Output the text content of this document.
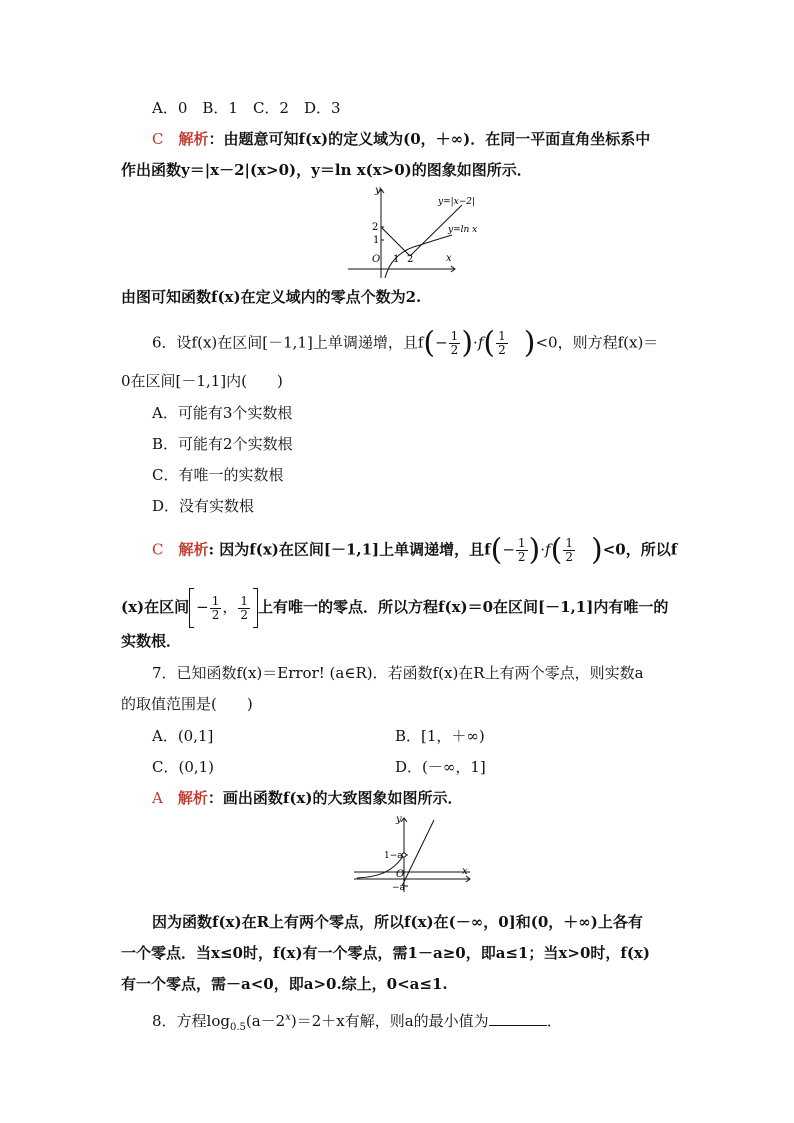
A．0　B．1　C．2　D．3
C　 解析：由题意可知f(x)的定义域为(0，＋∞)．在同一平面直角坐标系中
作出函数y＝|x－2|(x>0)，y＝ln x(x>0)的图象如图所示．
y
x
O
2
1
1 2
y=|x−2|
y=ln x
由图可知函数f(x)在定义域内的零点个数为2.
6．设f(x)在区间[－1,1]上单调递增，且$f(- \frac{1}{2} )\cdot f( \frac{1}{2}$
　 )<0，则方程f(x)＝
0在区间[－1,1]内(　　)
A．可能有3个实数根
B．可能有2个实数根
C．有唯一的实数根
D．没有实数根
C　 解析: 因为f(x)在区间[－1,1]上单调递增，且$f(- \frac{1}{2} )\cdot f( \frac{1}{2}$
　 )<0，所以f
(x)在区间 − $\frac{1}{2}$ ， $\frac{1}{2}$ 上有唯一的零点．所以方程f(x)＝0在区间[－1,1]内有唯一的
实数根．
7．已知函数f(x)＝Error! (a∈R)．若函数f(x)在R上有两个零点，则实数a
的取值范围是(　　)
A．(0,1]	B．[1，＋∞)
C．(0,1)	D．(－∞，1]
A　 解析：画出函数f(x)的大致图象如图所示．
y
x
O
1−a
−a
因为函数f(x)在R上有两个零点，所以f(x)在(－∞，0]和(0，＋∞)上各有
一个零点．当x≤0时，f(x)有一个零点，需1－a≥0，即a≤1；当x>0时，f(x)
有一个零点，需－a<0，即a>0.综上，0<a≤1.
8．方程$\log_{0.5}(a-2^x)=2+x$有解，则a的最小值为	．
